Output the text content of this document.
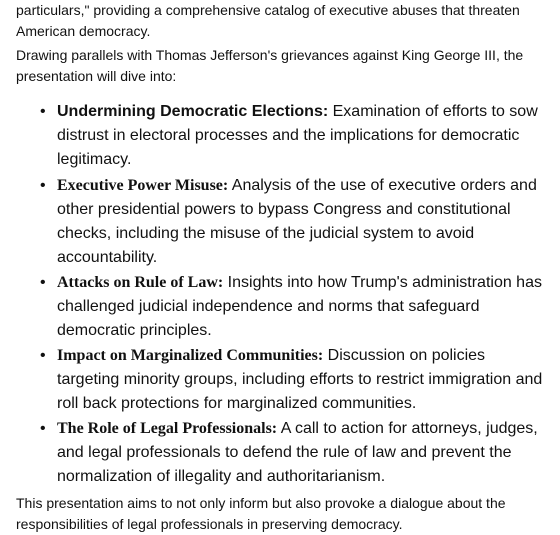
particulars," providing a comprehensive catalog of executive abuses that threaten
American democracy.

Drawing parallels with Thomas Jefferson's grievances against King George III, the presentation will dive into:

• Undermining Democratic Elections: Examination of efforts to sow distrust in electoral processes and the implications for democratic legitimacy.
• Executive Power Misuse: Analysis of the use of executive orders and other presidential powers to bypass Congress and constitutional checks, including the misuse of the judicial system to avoid accountability.
• Attacks on Rule of Law: Insights into how Trump's administration has challenged judicial independence and norms that safeguard democratic principles.
• Impact on Marginalized Communities: Discussion on policies targeting minority groups, including efforts to restrict immigration and roll back protections for marginalized communities.
• The Role of Legal Professionals: A call to action for attorneys, judges, and legal professionals to defend the rule of law and prevent the normalization of illegality and authoritarianism.

This presentation aims to not only inform but also provoke a dialogue about the responsibilities of legal professionals in preserving democracy.
